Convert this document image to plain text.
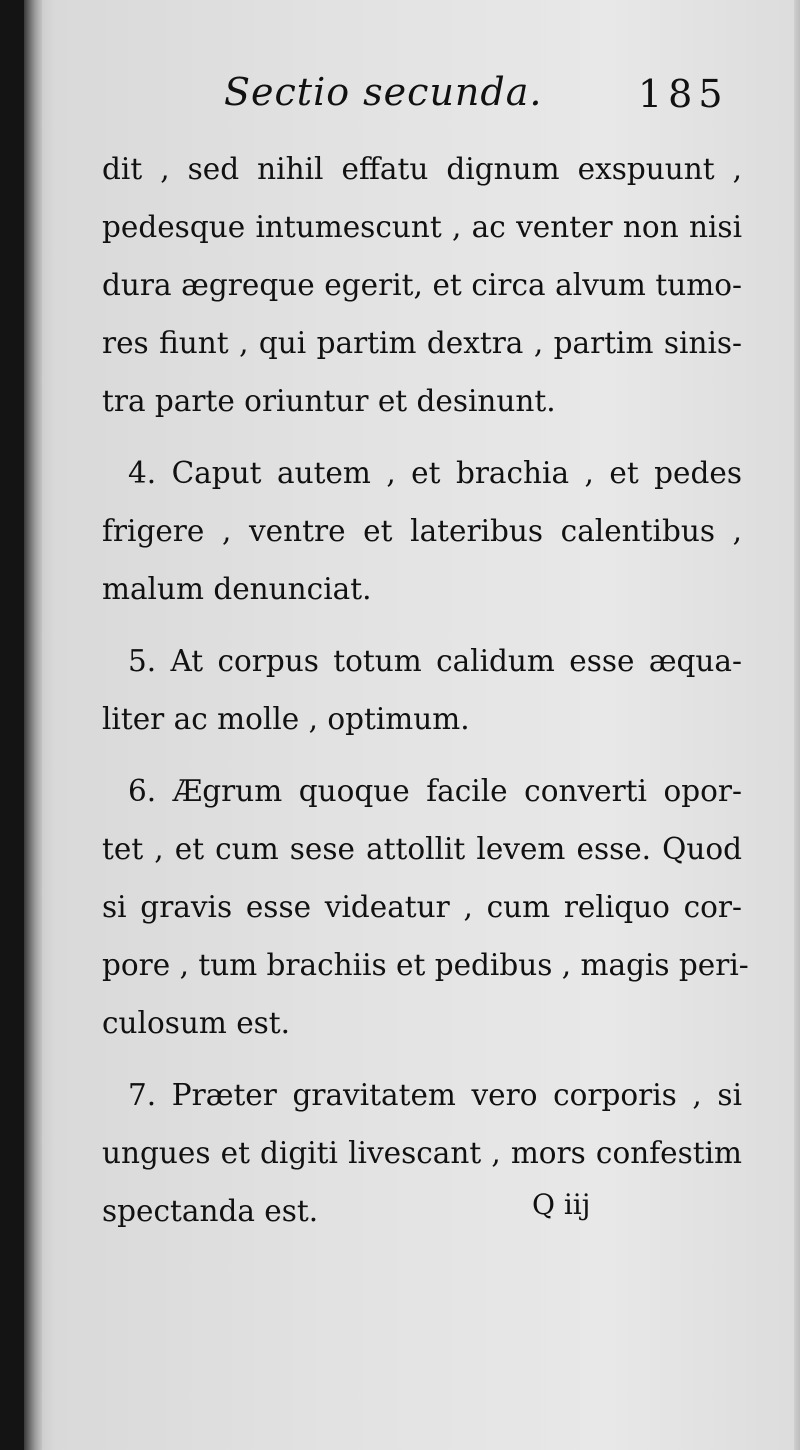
Sectio secunda.	185
dit , sed nihil effatu dignum exspuunt ,
pedesque intumescunt , ac venter non nisi
dura ægreque egerit, et circa alvum tumo-
res fiunt , qui partim dextra , partim sinis-
tra parte oriuntur et desinunt.
4. Caput autem , et brachia , et pedes
frigere , ventre et lateribus calentibus ,
malum denunciat.
5. At corpus totum calidum esse æqua-
liter ac molle , optimum.
6. Ægrum quoque facile converti opor-
tet , et cum sese attollit levem esse. Quod
si gravis esse videatur , cum reliquo cor-
pore , tum brachiis et pedibus , magis peri-
culosum est.
7. Præter gravitatem vero corporis , si
ungues et digiti livescant , mors confestim
spectanda est.	Q iij
